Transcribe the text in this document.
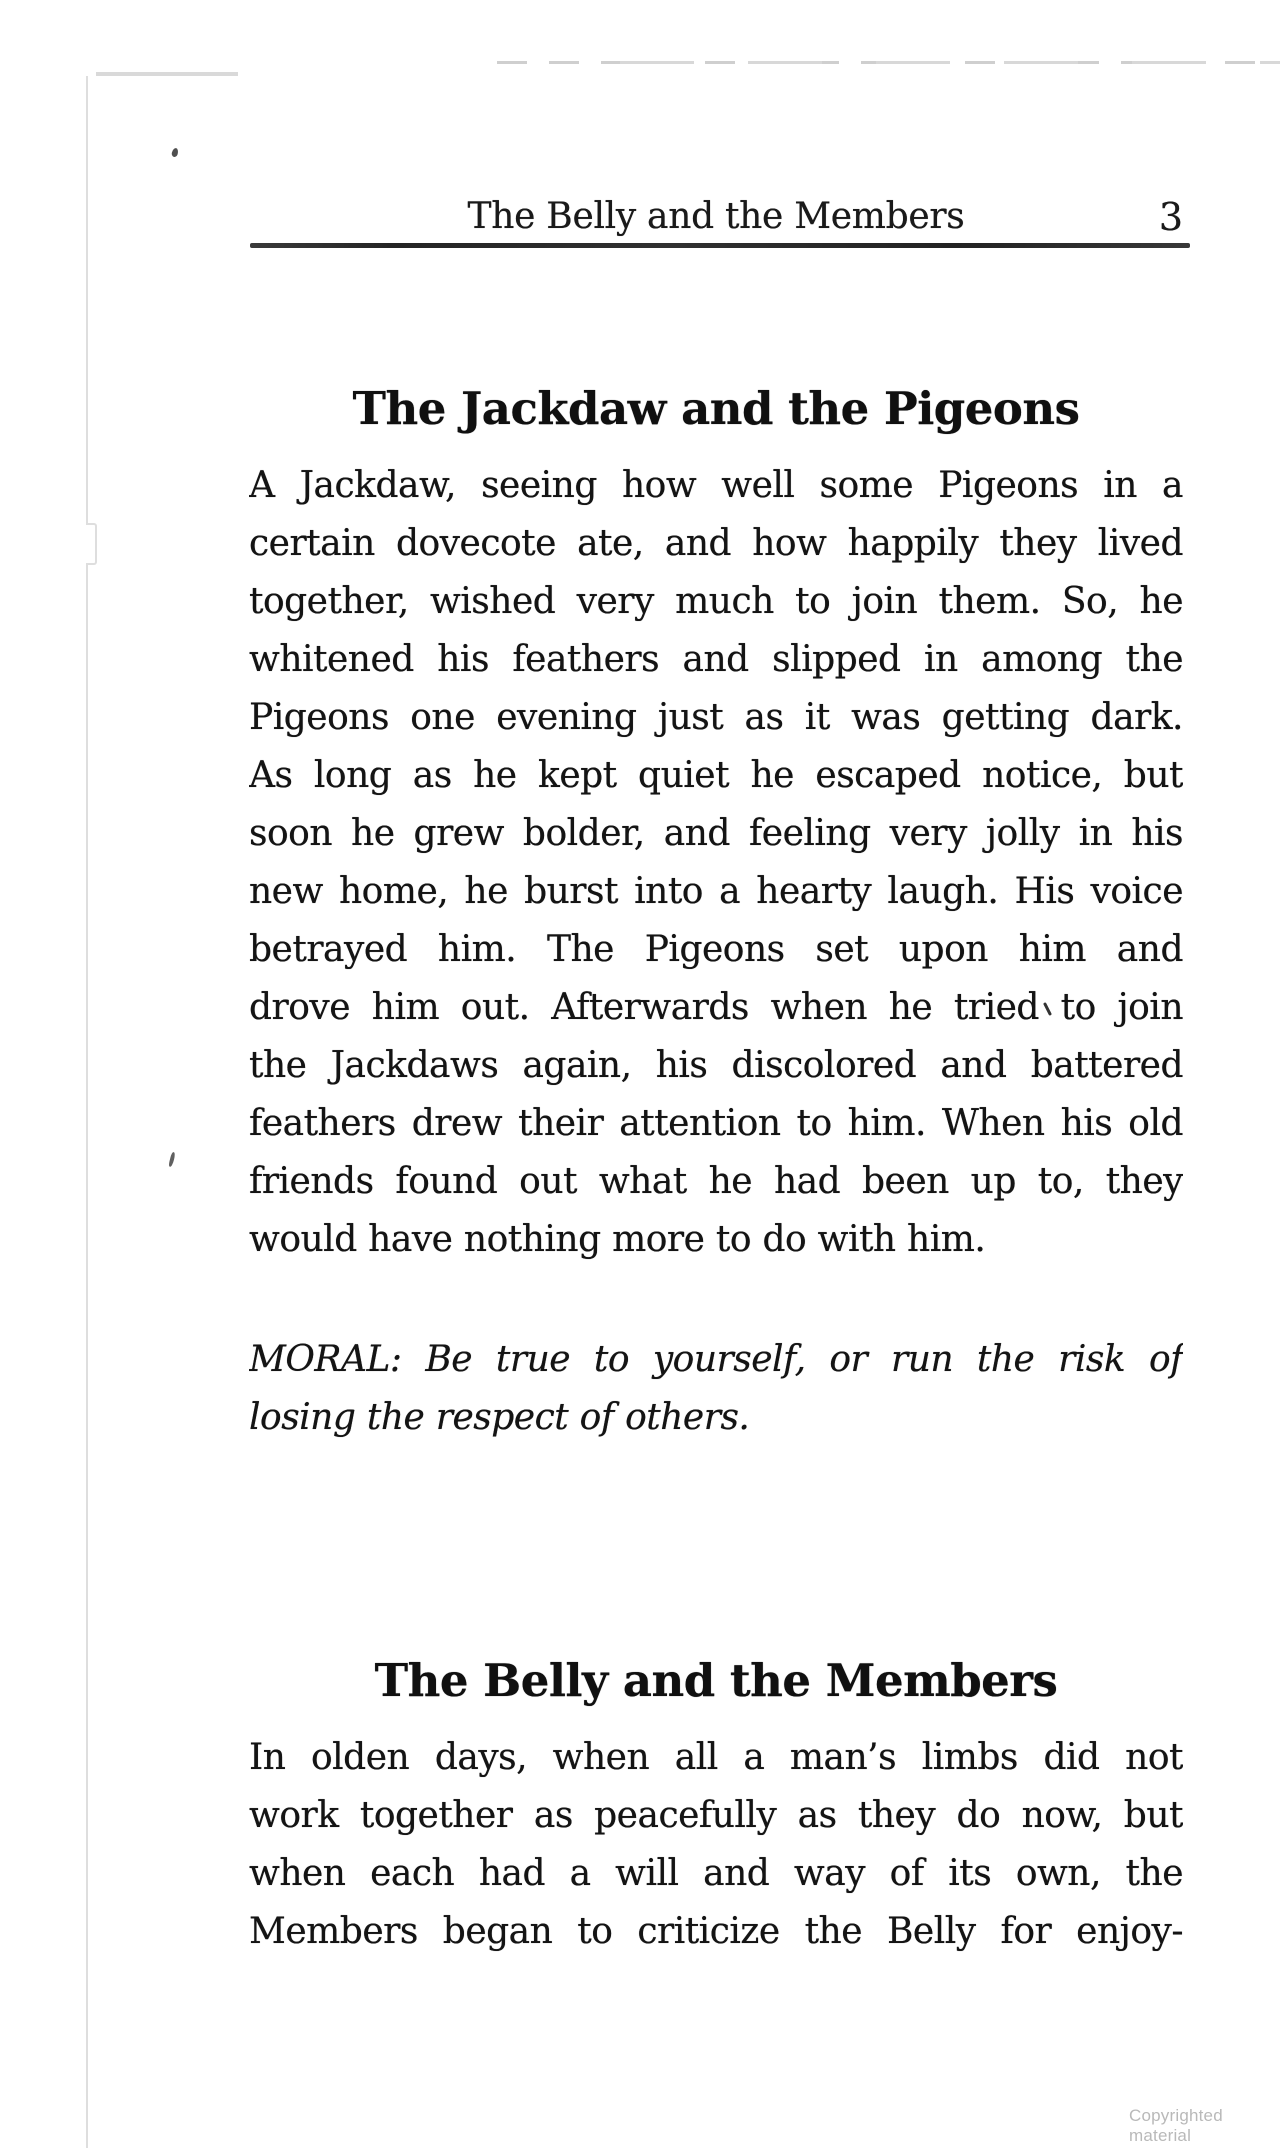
The Belly and the Members	3
The Jackdaw and the Pigeons
A Jackdaw, seeing how well some Pigeons in a
certain dovecote ate, and how happily they lived
together, wished very much to join them. So, he
whitened his feathers and slipped in among the
Pigeons one evening just as it was getting dark.
As long as he kept quiet he escaped notice, but
soon he grew bolder, and feeling very jolly in his
new home, he burst into a hearty laugh. His voice
betrayed him. The Pigeons set upon him and
drove him out. Afterwards when he tried to join
the Jackdaws again, his discolored and battered
feathers drew their attention to him. When his old
friends found out what he had been up to, they
would have nothing more to do with him.
MORAL: Be true to yourself, or run the risk of
losing the respect of others.
The Belly and the Members
In olden days, when all a man’s limbs did not
work together as peacefully as they do now, but
when each had a will and way of its own, the
Members began to criticize the Belly for enjoy-
Copyrighted material
